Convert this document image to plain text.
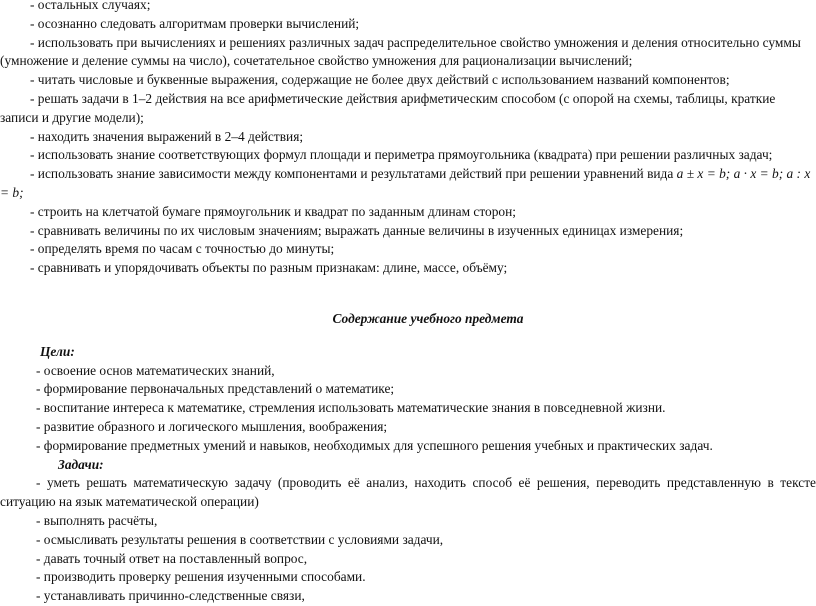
- остальных случаях;

- осознанно следовать алгоритмам проверки вычислений;

- использовать при вычислениях и решениях различных задач распределительное свойство умножения и деления относительно суммы (умножение и деление суммы на число), сочетательное свойство умножения для рационализации вычислений;

- читать числовые и буквенные выражения, содержащие не более двух действий с использованием названий компонентов;

- решать задачи в 1–2 действия на все арифметические действия арифметическим способом (с опорой на схемы, таблицы, краткие записи и другие модели);

- находить значения выражений в 2–4 действия;

- использовать знание соответствующих формул площади и периметра прямоугольника (квадрата) при решении различных задач;

- использовать знание зависимости между компонентами и результатами действий при решении уравнений вида a ± x = b; a · x = b; a : x = b;

- строить на клетчатой бумаге прямоугольник и квадрат по заданным длинам сторон;

- сравнивать величины по их числовым значениям; выражать данные величины в изученных единицах измерения;

- определять время по часам с точностью до минуты;

- сравнивать и упорядочивать объекты по разным признакам: длине, массе, объёму;

Содержание учебного предмета

Цели:

- освоение основ математических знаний,

- формирование первоначальных представлений о математике;

- воспитание интереса к математике, стремления использовать математические знания в повседневной жизни.

- развитие образного и логического мышления, воображения;

- формирование предметных умений и навыков, необходимых для успешного решения учебных и практических задач.

Задачи:

- уметь решать математическую задачу (проводить её анализ, находить способ её решения, переводить представленную в тексте ситуацию на язык математической операции)

- выполнять расчёты,

- осмысливать результаты решения в соответствии с условиями задачи,

- давать точный ответ на поставленный вопрос,

- производить проверку решения изученными способами.

- устанавливать причинно-следственные связи,
